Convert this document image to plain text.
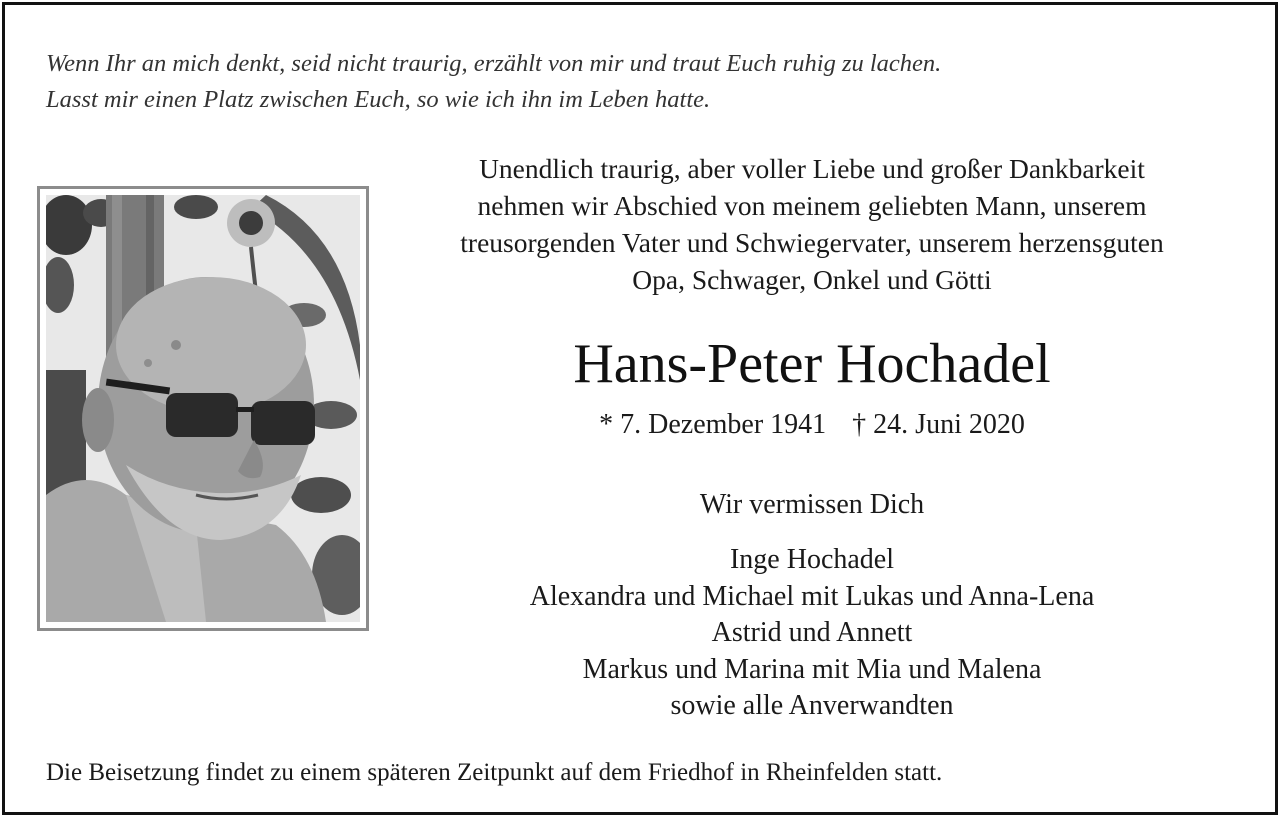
Wenn Ihr an mich denkt, seid nicht traurig, erzählt von mir und traut Euch ruhig zu lachen.
Lasst mir einen Platz zwischen Euch, so wie ich ihn im Leben hatte.
Unendlich traurig, aber voller Liebe und großer Dankbarkeit
nehmen wir Abschied von meinem geliebten Mann, unserem
treusorgenden Vater und Schwiegervater, unserem herzensguten
Opa, Schwager, Onkel und Götti
Hans-Peter Hochadel
* 7. Dezember 1941 † 24. Juni 2020
Wir vermissen Dich
Inge Hochadel
Alexandra und Michael mit Lukas und Anna-Lena
Astrid und Annett
Markus und Marina mit Mia und Malena
sowie alle Anverwandten
Die Beisetzung findet zu einem späteren Zeitpunkt auf dem Friedhof in Rheinfelden statt.
